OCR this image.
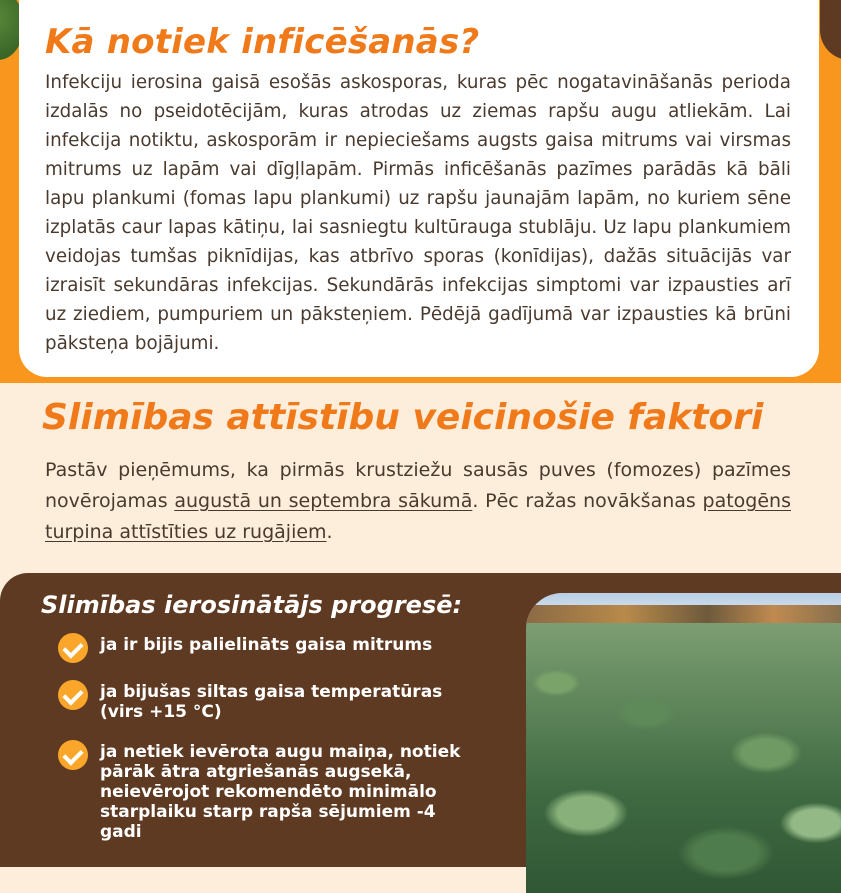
Kā notiek inficēšanās?

Infekciju ierosina gaisā esošās askosporas, kuras pēc nogatavināšanās perioda izdalās no pseidotēcijām, kuras atrodas uz ziemas rapšu augu atliekām. Lai infekcija notiktu, askosporām ir nepieciešams augsts gaisa mitrums vai virsmas mitrums uz lapām vai dīgļlapām. Pirmās inficēšanās pazīmes parādās kā bāli lapu plankumi (fomas lapu plankumi) uz rapšu jaunajām lapām, no kuriem sēne izplatās caur lapas kātiņu, lai sasniegtu kultūrauga stublāju. Uz lapu plankumiem veidojas tumšas piknīdijas, kas atbrīvo sporas (konīdijas), dažās situācijās var izraisīt sekundāras infekcijas. Sekundārās infekcijas simptomi var izpausties arī uz ziediem, pumpuriem un pāksteņiem. Pēdējā gadījumā var izpausties kā brūni pāksteņa bojājumi.

Slimības attīstību veicinošie faktori

Pastāv pieņēmums, ka pirmās krustziežu sausās puves (fomozes) pazīmes novērojamas augustā un septembra sākumā. Pēc ražas novākšanas patogēns turpina attīstīties uz rugājiem.

Slimības ierosinātājs progresē:
ja ir bijis palielināts gaisa mitrums
ja bijušas siltas gaisa temperatūras (virs +15 °C)
ja netiek ievērota augu maiņa, notiek pārāk ātra atgriešanās augsekā, neievērojot rekomendēto minimālo starplaiku starp rapša sējumiem -4 gadi
